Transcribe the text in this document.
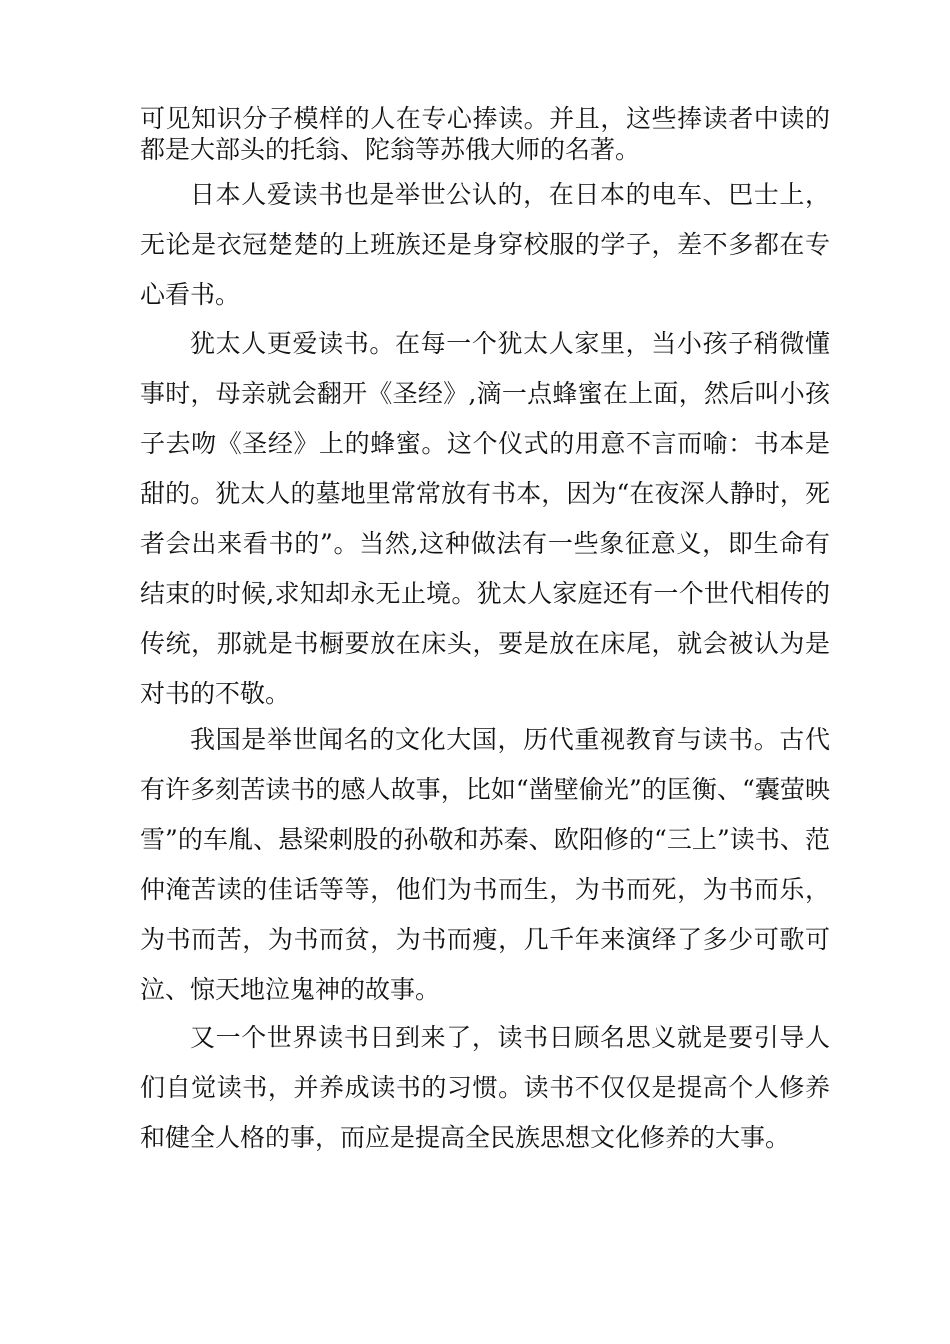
可见知识分子模样的人在专心捧读。并且，这些捧读者中读的都是大部头的托翁、陀翁等苏俄大师的名著。

日本人爱读书也是举世公认的，在日本的电车、巴士上，无论是衣冠楚楚的上班族还是身穿校服的学子，差不多都在专心看书。

犹太人更爱读书。在每一个犹太人家里，当小孩子稍微懂事时，母亲就会翻开《圣经》,滴一点蜂蜜在上面，然后叫小孩子去吻《圣经》上的蜂蜜。这个仪式的用意不言而喻：书本是甜的。犹太人的墓地里常常放有书本，因为“在夜深人静时，死者会出来看书的”。当然,这种做法有一些象征意义，即生命有结束的时候,求知却永无止境。犹太人家庭还有一个世代相传的传统，那就是书橱要放在床头，要是放在床尾，就会被认为是对书的不敬。

我国是举世闻名的文化大国，历代重视教育与读书。古代有许多刻苦读书的感人故事，比如“凿壁偷光”的匡衡、“囊萤映雪”的车胤、悬梁刺股的孙敬和苏秦、欧阳修的“三上”读书、范仲淹苦读的佳话等等，他们为书而生，为书而死，为书而乐，为书而苦，为书而贫，为书而瘦，几千年来演绎了多少可歌可泣、惊天地泣鬼神的故事。

又一个世界读书日到来了，读书日顾名思义就是要引导人们自觉读书，并养成读书的习惯。读书不仅仅是提高个人修养和健全人格的事，而应是提高全民族思想文化修养的大事。
